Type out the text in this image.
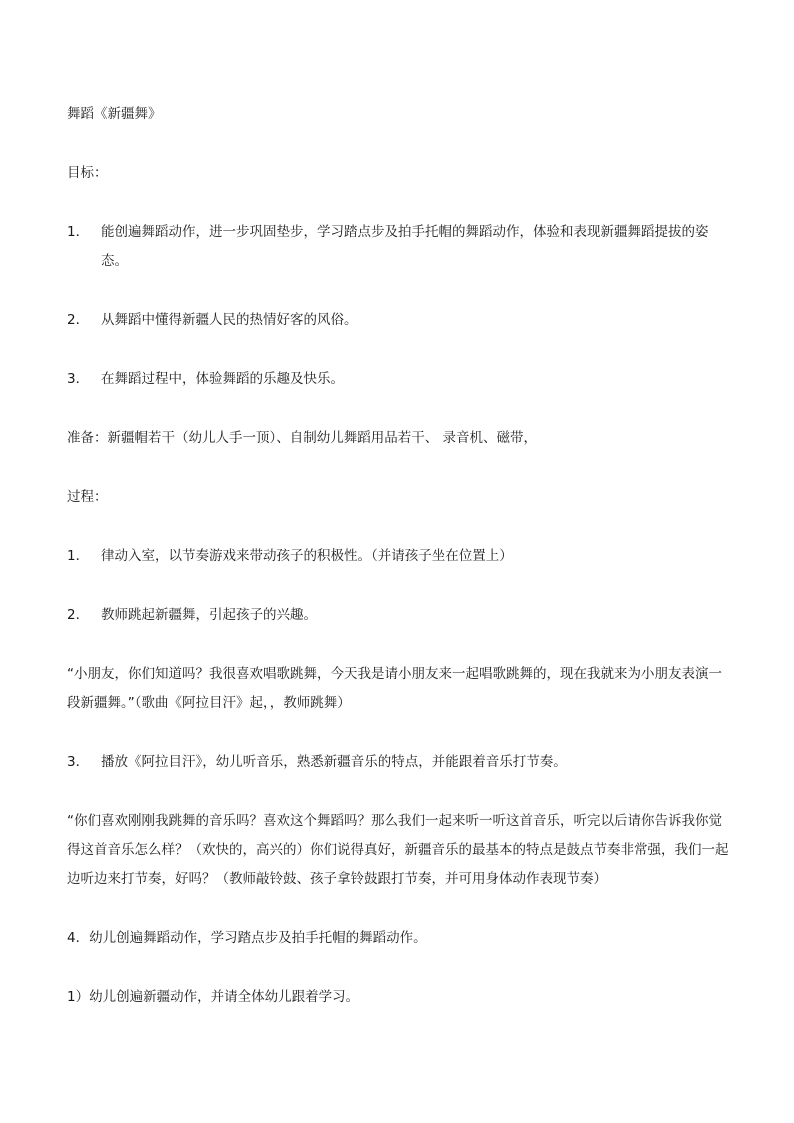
舞蹈《新疆舞》

目标：

1． 能创遍舞蹈动作，进一步巩固垫步，学习踏点步及拍手托帽的舞蹈动作，体验和表现新疆舞蹈提拔的姿态。
2． 从舞蹈中懂得新疆人民的热情好客的风俗。
3． 在舞蹈过程中，体验舞蹈的乐趣及快乐。

准备：新疆帽若干（幼儿人手一顶）、自制幼儿舞蹈用品若干、 录音机、磁带，

过程：

1． 律动入室，以节奏游戏来带动孩子的积极性。（并请孩子坐在位置上）
2． 教师跳起新疆舞，引起孩子的兴趣。

“小朋友，你们知道吗？我很喜欢唱歌跳舞，今天我是请小朋友来一起唱歌跳舞的，现在我就来为小朋友表演一段新疆舞。”（歌曲《阿拉目汗》起，，教师跳舞）

3． 播放《阿拉目汗》，幼儿听音乐，熟悉新疆音乐的特点，并能跟着音乐打节奏。

“你们喜欢刚刚我跳舞的音乐吗？喜欢这个舞蹈吗？那么我们一起来听一听这首音乐，听完以后请你告诉我你觉得这首音乐怎么样？（欢快的，高兴的）你们说得真好，新疆音乐的最基本的特点是鼓点节奏非常强，我们一起边听边来打节奏，好吗？（教师敲铃鼓、孩子拿铃鼓跟打节奏，并可用身体动作表现节奏）

4．幼儿创遍舞蹈动作，学习踏点步及拍手托帽的舞蹈动作。

1）幼儿创遍新疆动作，并请全体幼儿跟着学习。
